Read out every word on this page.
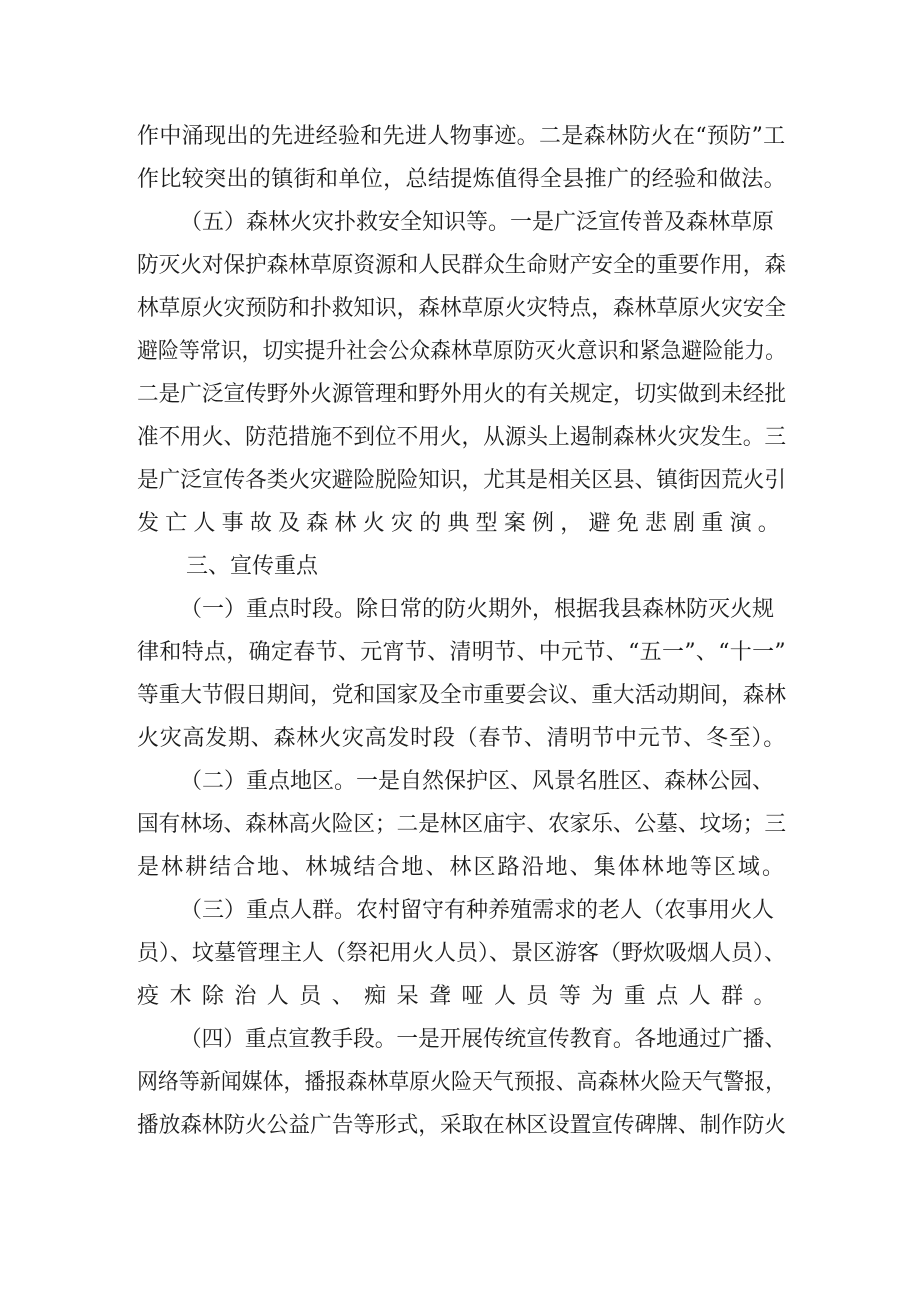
作中涌现出的先进经验和先进人物事迹。二是森林防火在“预防”工
作比较突出的镇街和单位，总结提炼值得全县推广的经验和做法。
（五）森林火灾扑救安全知识等。一是广泛宣传普及森林草原
防灭火对保护森林草原资源和人民群众生命财产安全的重要作用，森
林草原火灾预防和扑救知识，森林草原火灾特点，森林草原火灾安全
避险等常识，切实提升社会公众森林草原防灭火意识和紧急避险能力。
二是广泛宣传野外火源管理和野外用火的有关规定，切实做到未经批
准不用火、防范措施不到位不用火，从源头上遏制森林火灾发生。三
是广泛宣传各类火灾避险脱险知识，尤其是相关区县、镇街因荒火引
发亡人事故及森林火灾的典型案例，避免悲剧重演。
三、宣传重点
（一）重点时段。除日常的防火期外，根据我县森林防灭火规
律和特点，确定春节、元宵节、清明节、中元节、“五一”、“十一”
等重大节假日期间，党和国家及全市重要会议、重大活动期间，森林
火灾高发期、森林火灾高发时段（春节、清明节中元节、冬至）。
（二）重点地区。一是自然保护区、风景名胜区、森林公园、
国有林场、森林高火险区；二是林区庙宇、农家乐、公墓、坟场；三
是林耕结合地、林城结合地、林区路沿地、集体林地等区域。
（三）重点人群。农村留守有种养殖需求的老人（农事用火人
员）、坟墓管理主人（祭祀用火人员）、景区游客（野炊吸烟人员）、
疫木除治人员、痴呆聋哑人员等为重点人群。
（四）重点宣教手段。一是开展传统宣传教育。各地通过广播、
网络等新闻媒体，播报森林草原火险天气预报、高森林火险天气警报，
播放森林防火公益广告等形式，采取在林区设置宣传碑牌、制作防火
